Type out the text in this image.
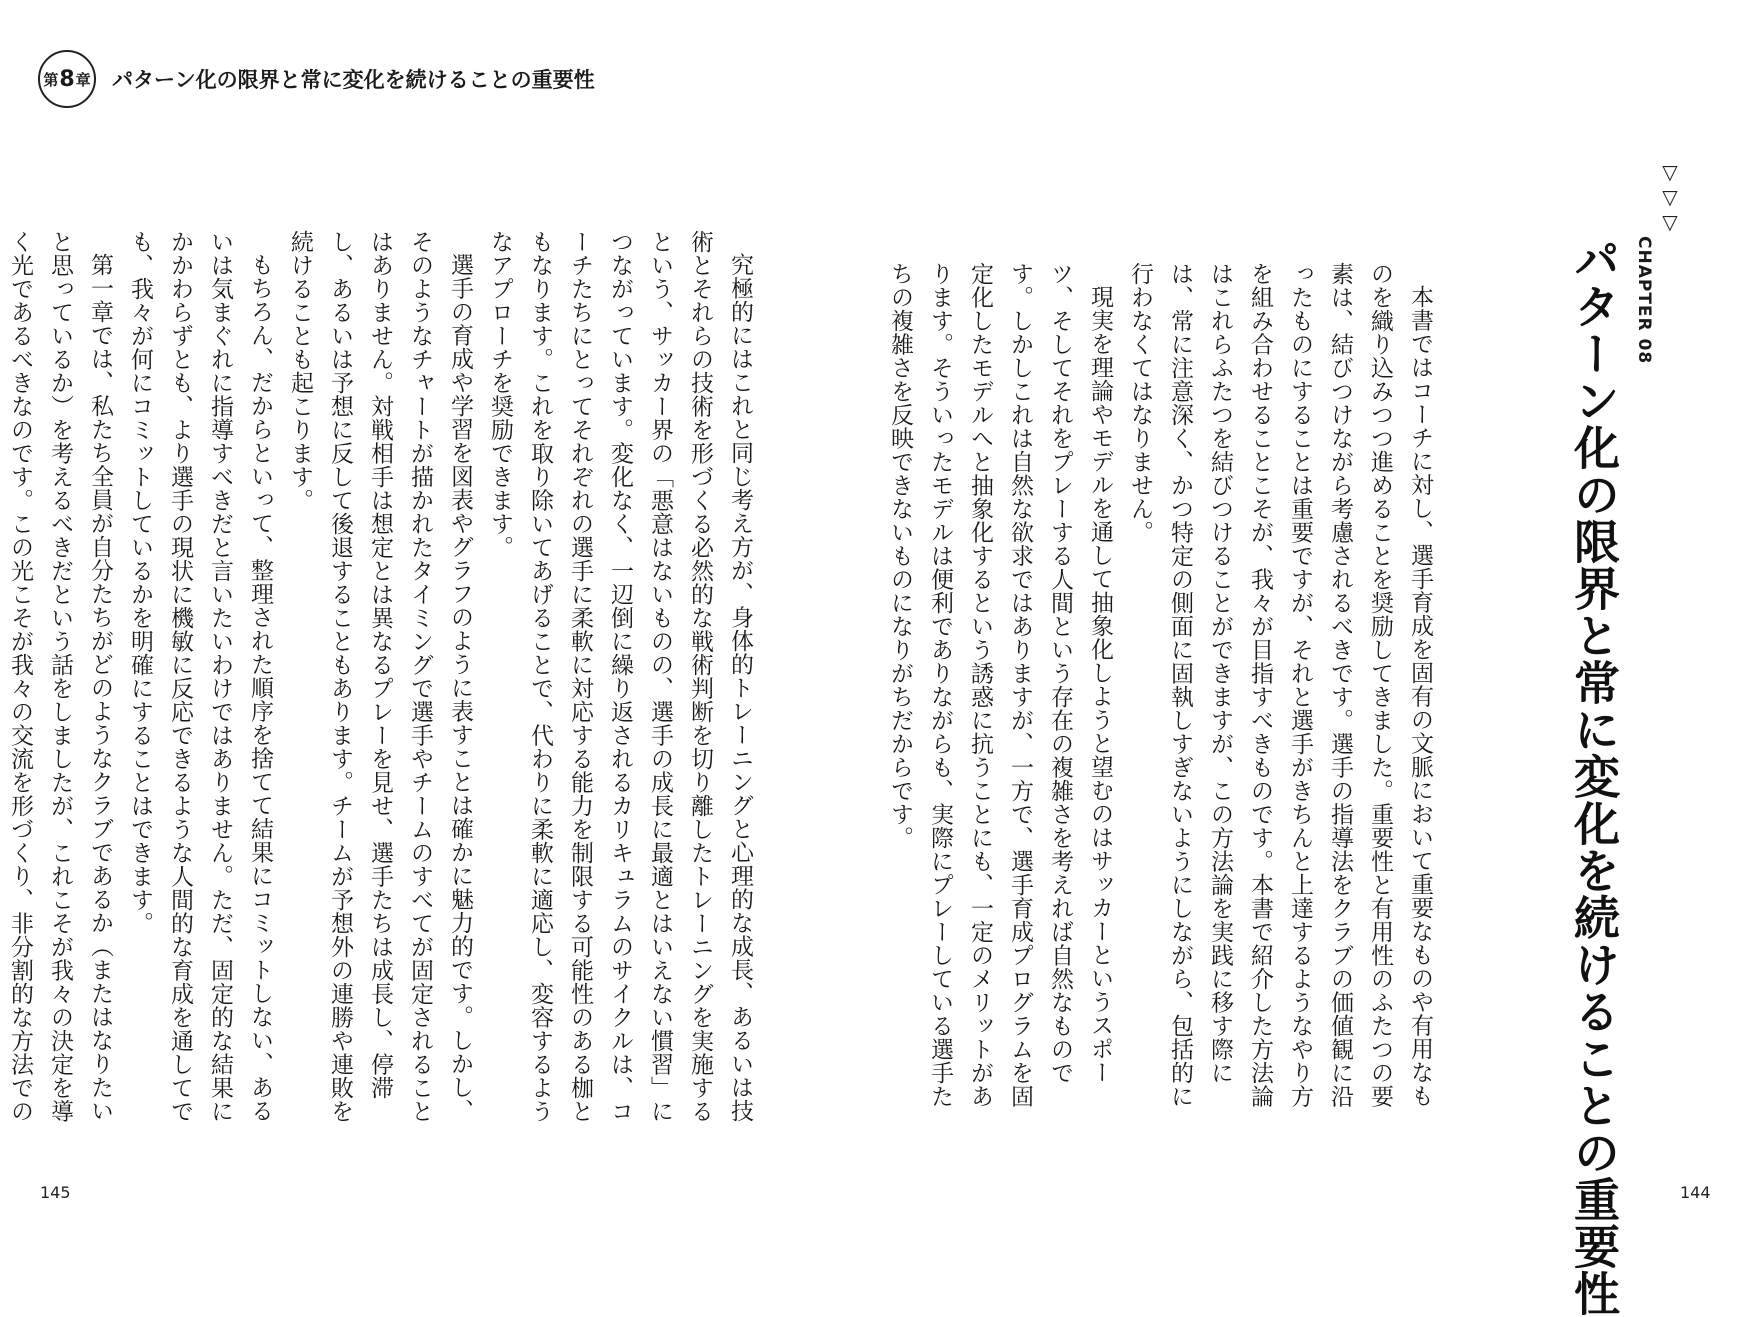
第 8 章 パターン化の限界と常に変化を続けることの重要性

究極的にはこれと同じ考え方が、身体的トレーニングと心理的な成長、あるいは技術とそれらの技術を形づくる必然的な戦術判断を切り離したトレーニングを実施するという、サッカー界の「悪意はないものの、選手の成長に最適とはいえない慣習」につながっています。変化なく、一辺倒に繰り返されるカリキュラムのサイクルは、コーチたちにとってそれぞれの選手に柔軟に対応する能力を制限する可能性のある枷ともなります。これを取り除いてあげることで、代わりに柔軟に適応し、変容するようなアプローチを奨励できます。

選手の育成や学習を図表やグラフのように表すことは確かに魅力的です。しかし、そのようなチャートが描かれたタイミングで選手やチームのすべてが固定されることはありません。対戦相手は想定とは異なるプレーを見せ、選手たちは成長し、停滞し、あるいは予想に反して後退することもあります。チームが予想外の連勝や連敗を続けることも起こります。

もちろん、だからといって、整理された順序を捨てて結果にコミットしない、あるいは気まぐれに指導すべきだと言いたいわけではありません。ただ、固定的な結果にかかわらずとも、より選手の現状に機敏に反応できるような人間的な育成を通してでも、我々が何にコミットしているかを明確にすることはできます。

第一章では、私たち全員が自分たちがどのようなクラブであるか（またはなりたいと思っているか）を考えるべきだという話をしましたが、これこそが我々の決定を導く光であるべきなのです。この光こそが我々の交流を形づくり、非分割的な方法での

▽▽▽
CHAPTER 08
パターン化の限界と常に変化を続けることの重要性

本書ではコーチに対し、選手育成を固有の文脈において重要なものや有用なものを織り込みつつ進めることを奨励してきました。重要性と有用性のふたつの要素は、結びつけながら考慮されるべきです。選手の指導法をクラブの価値観に沿ったものにすることは重要ですが、それと選手がきちんと上達するようなやり方を組み合わせることこそが、我々が目指すべきものです。本書で紹介した方法論はこれらふたつを結びつけることができますが、この方法論を実践に移す際には、常に注意深く、かつ特定の側面に固執しすぎないようにしながら、包括的に行わなくてはなりません。

現実を理論やモデルを通して抽象化しようと望むのはサッカーというスポーツ、そしてそれをプレーする人間という存在の複雑さを考えれば自然なものです。しかしこれは自然な欲求ではありますが、一方で、選手育成プログラムを固定化したモデルへと抽象化するという誘惑に抗うことにも、一定のメリットがあります。そういったモデルは便利でありながらも、実際にプレーしている選手たちの複雑さを反映できないものになりがちだからです。

145	144
